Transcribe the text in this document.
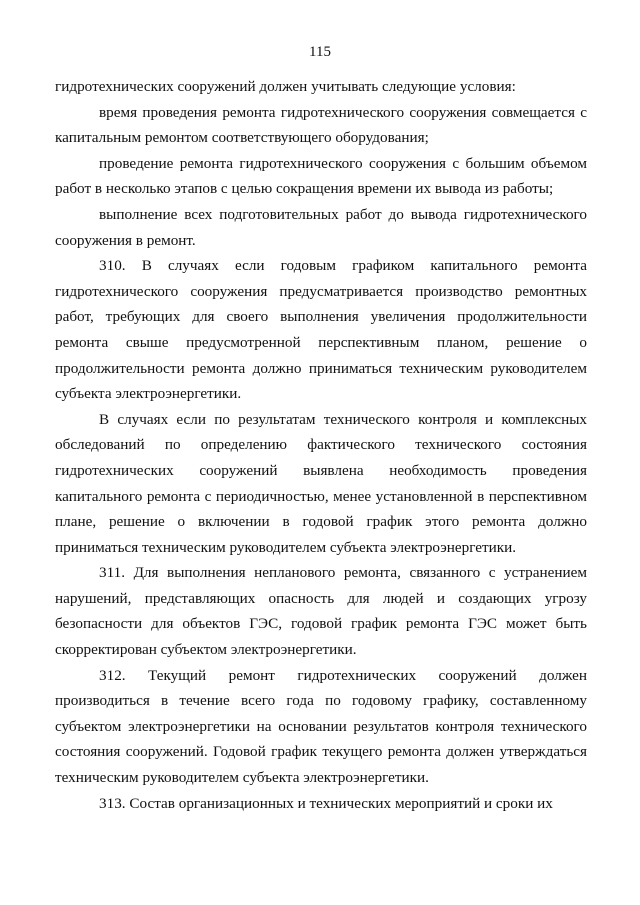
115

гидротехнических сооружений должен учитывать следующие условия:

время проведения ремонта гидротехнического сооружения совмещается с капитальным ремонтом соответствующего оборудования;

проведение ремонта гидротехнического сооружения с большим объемом работ в несколько этапов с целью сокращения времени их вывода из работы;

выполнение всех подготовительных работ до вывода гидротехнического сооружения в ремонт.

310. В случаях если годовым графиком капитального ремонта гидротехнического сооружения предусматривается производство ремонтных работ, требующих для своего выполнения увеличения продолжительности ремонта свыше предусмотренной перспективным планом, решение о продолжительности ремонта должно приниматься техническим руководителем субъекта электроэнергетики.

В случаях если по результатам технического контроля и комплексных обследований по определению фактического технического состояния гидротехнических сооружений выявлена необходимость проведения капитального ремонта с периодичностью, менее установленной в перспективном плане, решение о включении в годовой график этого ремонта должно приниматься техническим руководителем субъекта электроэнергетики.

311. Для выполнения непланового ремонта, связанного с устранением нарушений, представляющих опасность для людей и создающих угрозу безопасности для объектов ГЭС, годовой график ремонта ГЭС может быть скорректирован субъектом электроэнергетики.

312. Текущий ремонт гидротехнических сооружений должен производиться в течение всего года по годовому графику, составленному субъектом электроэнергетики на основании результатов контроля технического состояния сооружений. Годовой график текущего ремонта должен утверждаться техническим руководителем субъекта электроэнергетики.

313. Состав организационных и технических мероприятий и сроки их
